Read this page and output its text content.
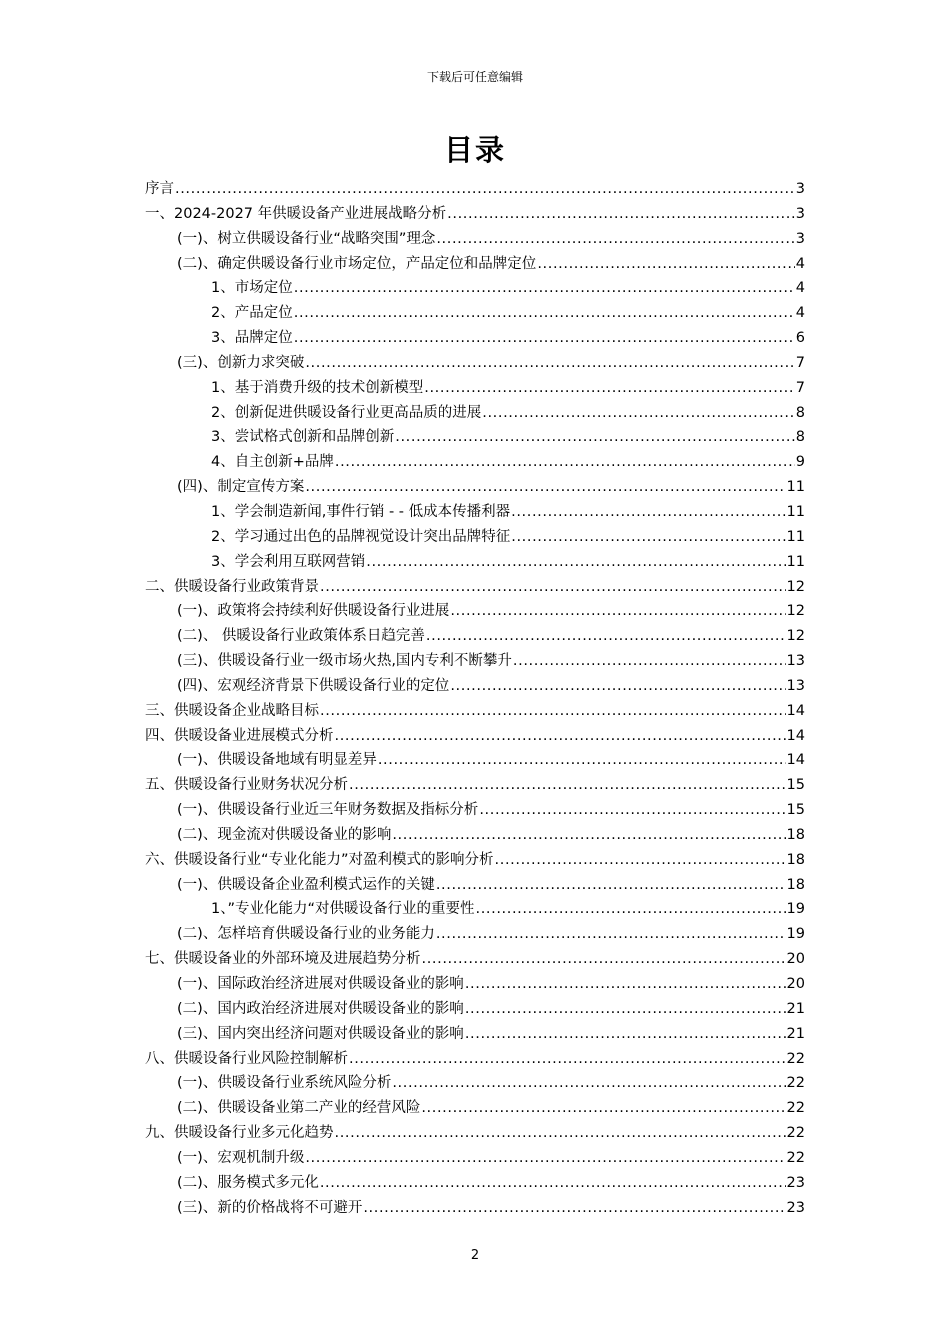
下载后可任意编辑
目录
序言 .....	3
一、2024-2027 年供暖设备产业进展战略分析 .....	3
(一)、树立供暖设备行业“战略突围”理念 .....	3
(二)、确定供暖设备行业市场定位，产品定位和品牌定位 .....	4
1、市场定位 .....	4
2、产品定位 .....	4
3、品牌定位 .....	6
(三)、创新力求突破 .....	7
1、基于消费升级的技术创新模型 .....	7
2、创新促进供暖设备行业更高品质的进展 .....	8
3、尝试格式创新和品牌创新 .....	8
4、自主创新+品牌 .....	9
(四)、制定宣传方案 .....	11
1、学会制造新闻,事件行销 - - 低成本传播利器 .....	11
2、学习通过出色的品牌视觉设计突出品牌特征 .....	11
3、学会利用互联网营销 .....	11
二、供暖设备行业政策背景 .....	12
(一)、政策将会持续利好供暖设备行业进展 .....	12
(二)、 供暖设备行业政策体系日趋完善 .....	12
(三)、供暖设备行业一级市场火热,国内专利不断攀升 .....	13
(四)、宏观经济背景下供暖设备行业的定位 .....	13
三、供暖设备企业战略目标 .....	14
四、供暖设备业进展模式分析 .....	14
(一)、供暖设备地域有明显差异 .....	14
五、供暖设备行业财务状况分析 .....	15
(一)、供暖设备行业近三年财务数据及指标分析 .....	15
(二)、现金流对供暖设备业的影响 .....	18
六、供暖设备行业“专业化能力”对盈利模式的影响分析 .....	18
(一)、供暖设备企业盈利模式运作的关键 .....	18
1、”专业化能力“对供暖设备行业的重要性 .....	19
(二)、怎样培育供暖设备行业的业务能力 .....	19
七、供暖设备业的外部环境及进展趋势分析 .....	20
(一)、国际政治经济进展对供暖设备业的影响 .....	20
(二)、国内政治经济进展对供暖设备业的影响 .....	21
(三)、国内突出经济问题对供暖设备业的影响 .....	21
八、供暖设备行业风险控制解析 .....	22
(一)、供暖设备行业系统风险分析 .....	22
(二)、供暖设备业第二产业的经营风险 .....	22
九、供暖设备行业多元化趋势 .....	22
(一)、宏观机制升级 .....	22
(二)、服务模式多元化 .....	23
(三)、新的价格战将不可避开 .....	23
2
